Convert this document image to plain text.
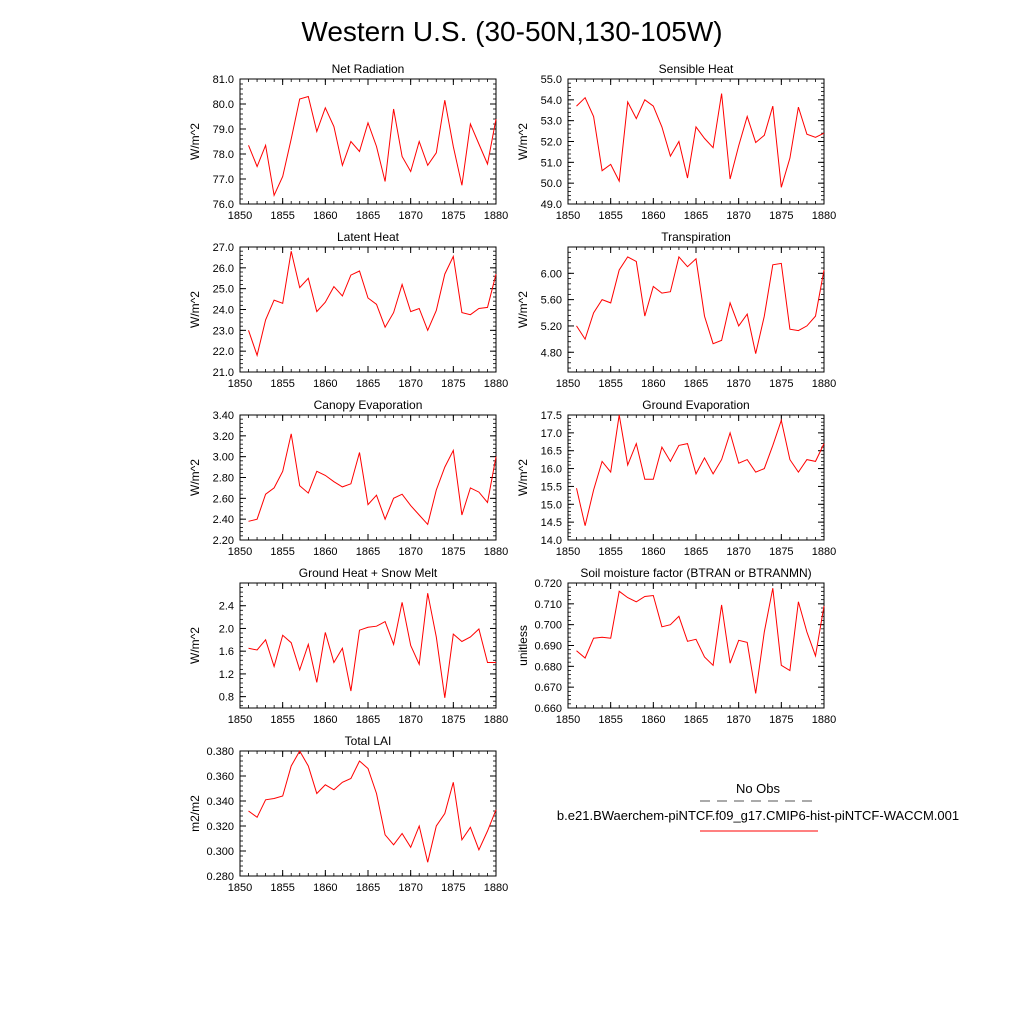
Western U.S. (30-50N,130-105W)
Net Radiation
1850 1855 1860 1865 1870 1875 1880
76.0
77.0
78.0
79.0
80.0
81.0
W/m^2
Sensible Heat
1850 1855 1860 1865 1870 1875 1880
49.0
50.0
51.0
52.0
53.0
54.0
55.0
W/m^2
Latent Heat
1850 1855 1860 1865 1870 1875 1880
21.0
22.0
23.0
24.0
25.0
26.0
27.0
W/m^2
Transpiration
1850 1855 1860 1865 1870 1875 1880
4.80
5.20
5.60
6.00
W/m^2
Canopy Evaporation
1850 1855 1860 1865 1870 1875 1880
2.20
2.40
2.60
2.80
3.00
3.20
3.40
W/m^2
Ground Evaporation
1850 1855 1860 1865 1870 1875 1880
14.0
14.5
15.0
15.5
16.0
16.5
17.0
17.5
W/m^2
Ground Heat + Snow Melt
1850 1855 1860 1865 1870 1875 1880
0.8
1.2
1.6
2.0
2.4
W/m^2
Soil moisture factor (BTRAN or BTRANMN)
1850 1855 1860 1865 1870 1875 1880
0.660
0.670
0.680
0.690
0.700
0.710
0.720
unitless
Total LAI
1850 1855 1860 1865 1870 1875 1880
0.280
0.300
0.320
0.340
0.360
0.380
m2/m2
No Obs
b.e21.BWaerchem-piNTCF.f09_g17.CMIP6-hist-piNTCF-WACCM.001
